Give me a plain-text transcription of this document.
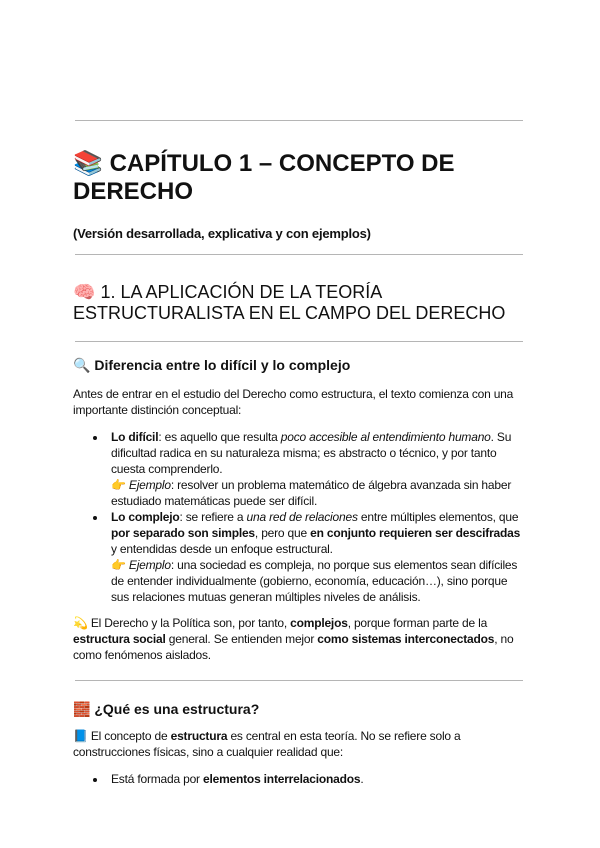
📚 CAPÍTULO 1 – CONCEPTO DE DERECHO
(Versión desarrollada, explicativa y con ejemplos)
🧠 1. LA APLICACIÓN DE LA TEORÍA ESTRUCTURALISTA EN EL CAMPO DEL DERECHO
🔍 Diferencia entre lo difícil y lo complejo
Antes de entrar en el estudio del Derecho como estructura, el texto comienza con una importante distinción conceptual:
• Lo difícil: es aquello que resulta poco accesible al entendimiento humano. Su dificultad radica en su naturaleza misma; es abstracto o técnico, y por tanto cuesta comprenderlo.
👉 Ejemplo: resolver un problema matemático de álgebra avanzada sin haber estudiado matemáticas puede ser difícil.
• Lo complejo: se refiere a una red de relaciones entre múltiples elementos, que por separado son simples, pero que en conjunto requieren ser descifradas y entendidas desde un enfoque estructural.
👉 Ejemplo: una sociedad es compleja, no porque sus elementos sean difíciles de entender individualmente (gobierno, economía, educación…), sino porque sus relaciones mutuas generan múltiples niveles de análisis.
💫 El Derecho y la Política son, por tanto, complejos, porque forman parte de la estructura social general. Se entienden mejor como sistemas interconectados, no como fenómenos aislados.
🧱 ¿Qué es una estructura?
📘 El concepto de estructura es central en esta teoría. No se refiere solo a construcciones físicas, sino a cualquier realidad que:
• Está formada por elementos interrelacionados.
